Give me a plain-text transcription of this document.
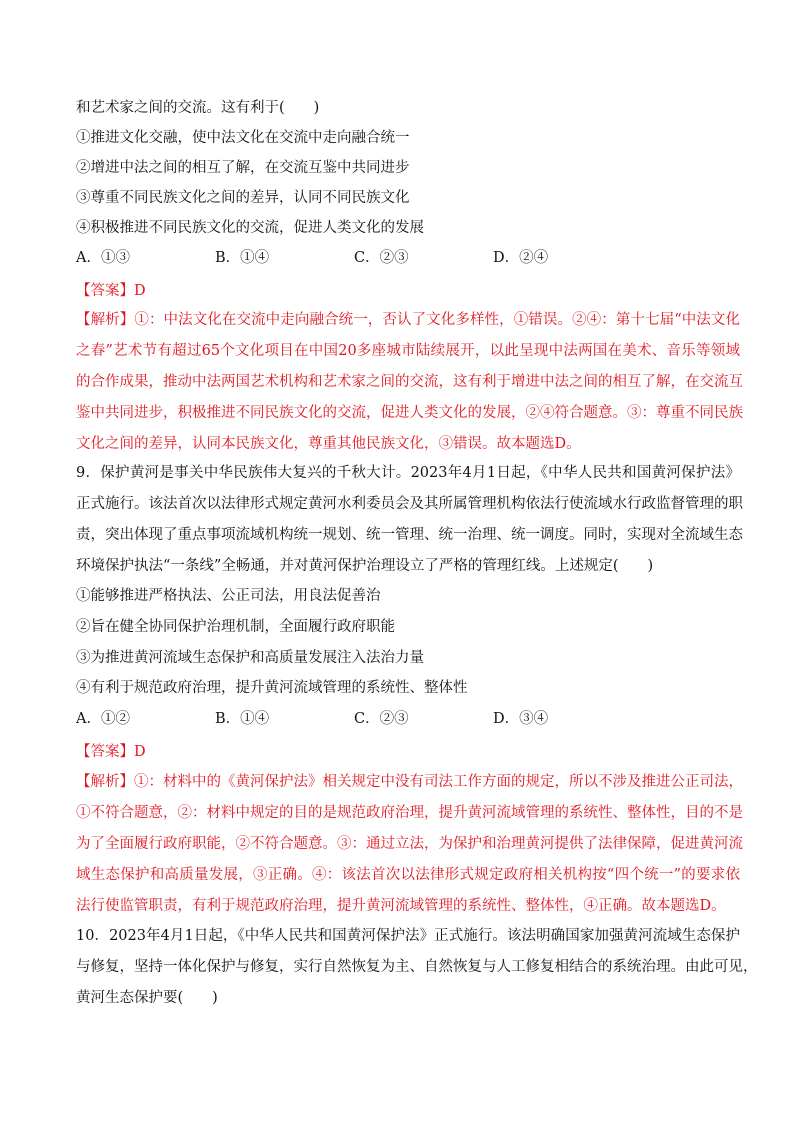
和艺术家之间的交流。这有利于(　　)
①推进文化交融，使中法文化在交流中走向融合统一
②增进中法之间的相互了解，在交流互鉴中共同进步
③尊重不同民族文化之间的差异，认同不同民族文化
④积极推进不同民族文化的交流，促进人类文化的发展
A．①③	B．①④	C．②③	D．②④
【答案】D
【解析】①：中法文化在交流中走向融合统一，否认了文化多样性，①错误。②④：第十七届“中法文化
之春”艺术节有超过65个文化项目在中国20多座城市陆续展开，以此呈现中法两国在美术、音乐等领域
的合作成果，推动中法两国艺术机构和艺术家之间的交流，这有利于增进中法之间的相互了解，在交流互
鉴中共同进步，积极推进不同民族文化的交流，促进人类文化的发展，②④符合题意。③：尊重不同民族
文化之间的差异，认同本民族文化，尊重其他民族文化，③错误。故本题选D。
9．保护黄河是事关中华民族伟大复兴的千秋大计。2023年4月1日起，《中华人民共和国黄河保护法》
正式施行。该法首次以法律形式规定黄河水利委员会及其所属管理机构依法行使流域水行政监督管理的职
责，突出体现了重点事项流域机构统一规划、统一管理、统一治理、统一调度。同时，实现对全流域生态
环境保护执法“一条线”全畅通，并对黄河保护治理设立了严格的管理红线。上述规定(　　)
①能够推进严格执法、公正司法，用良法促善治
②旨在健全协同保护治理机制，全面履行政府职能
③为推进黄河流域生态保护和高质量发展注入法治力量
④有利于规范政府治理，提升黄河流域管理的系统性、整体性
A．①②	B．①④	C．②③	D．③④
【答案】D
【解析】①：材料中的《黄河保护法》相关规定中没有司法工作方面的规定，所以不涉及推进公正司法，
①不符合题意，②：材料中规定的目的是规范政府治理，提升黄河流域管理的系统性、整体性，目的不是
为了全面履行政府职能，②不符合题意。③：通过立法，为保护和治理黄河提供了法律保障，促进黄河流
域生态保护和高质量发展，③正确。④：该法首次以法律形式规定政府相关机构按“四个统一”的要求依
法行使监管职责，有利于规范政府治理，提升黄河流域管理的系统性、整体性，④正确。故本题选D。
10．2023年4月1日起，《中华人民共和国黄河保护法》正式施行。该法明确国家加强黄河流域生态保护
与修复，坚持一体化保护与修复，实行自然恢复为主、自然恢复与人工修复相结合的系统治理。由此可见，
黄河生态保护要(　　)
